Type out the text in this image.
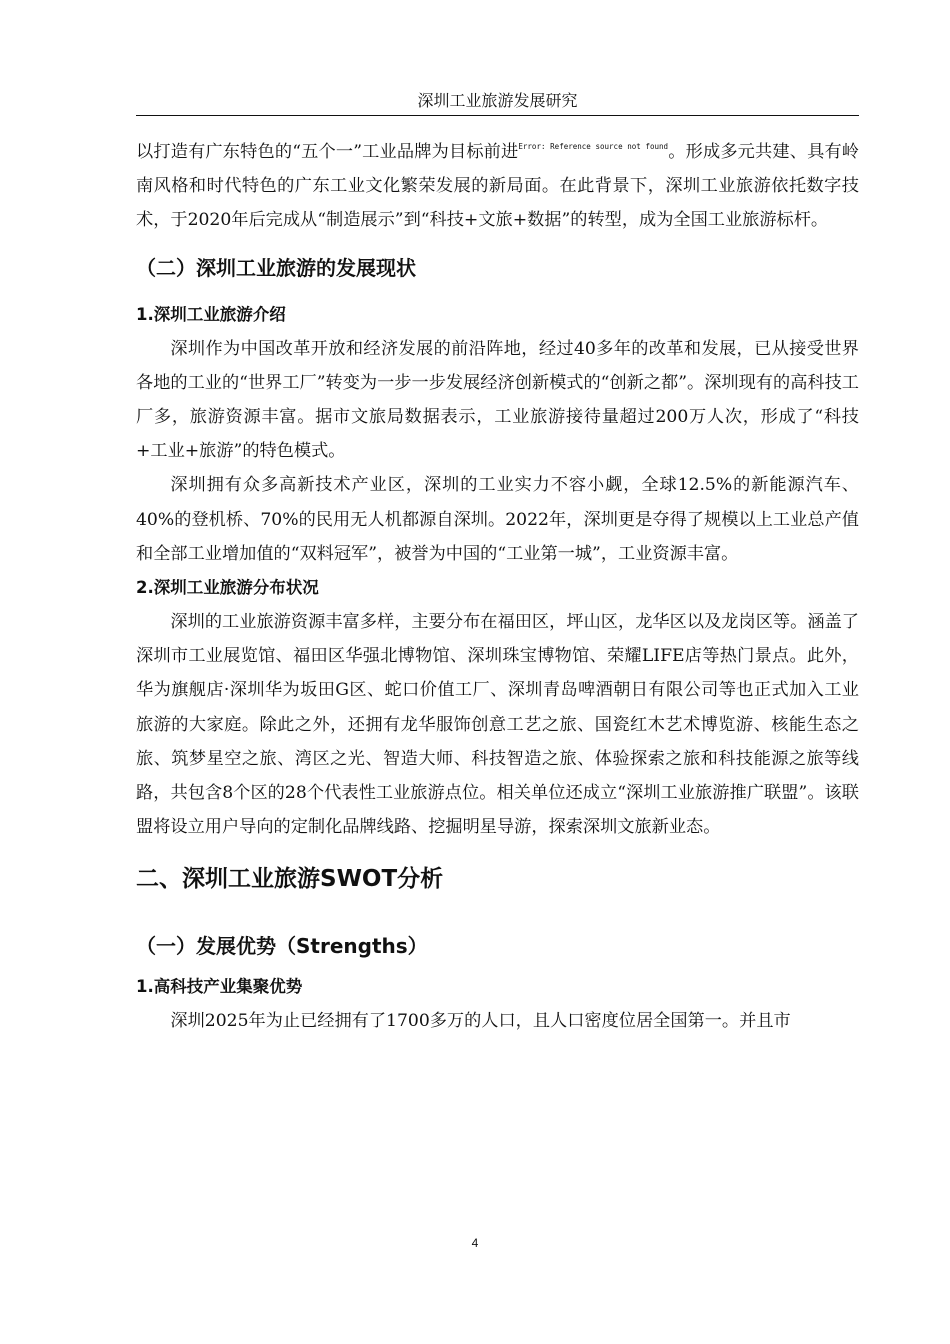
深圳工业旅游发展研究

以打造有广东特色的“五个一”工业品牌为目标前进$^{Error: Reference source not found}$。形成多元共建、具有岭南风格和时代特色的广东工业文化繁荣发展的新局面。在此背景下，深圳工业旅游依托数字技术，于2020年后完成从“制造展示”到“科技+文旅+数据”的转型，成为全国工业旅游标杆。

（二）深圳工业旅游的发展现状
1.深圳工业旅游介绍

深圳作为中国改革开放和经济发展的前沿阵地，经过40多年的改革和发展，已从接受世界各地的工业的“世界工厂”转变为一步一步发展经济创新模式的“创新之都”。深圳现有的高科技工厂多，旅游资源丰富。据市文旅局数据表示，工业旅游接待量超过200万人次，形成了“科技+工业+旅游”的特色模式。

深圳拥有众多高新技术产业区，深圳的工业实力不容小觑，全球12.5%的新能源汽车、40%的登机桥、70%的民用无人机都源自深圳。2022年，深圳更是夺得了规模以上工业总产值和全部工业增加值的“双料冠军”，被誉为中国的“工业第一城”，工业资源丰富。

2.深圳工业旅游分布状况

深圳的工业旅游资源丰富多样，主要分布在福田区，坪山区，龙华区以及龙岗区等。涵盖了深圳市工业展览馆、福田区华强北博物馆、深圳珠宝博物馆、荣耀LIFE店等热门景点。此外，华为旗舰店·深圳华为坂田G区、蛇口价值工厂、深圳青岛啤酒朝日有限公司等也正式加入工业旅游的大家庭。除此之外，还拥有龙华服饰创意工艺之旅、国瓷红木艺术博览游、核能生态之旅、筑梦星空之旅、湾区之光、智造大师、科技智造之旅、体验探索之旅和科技能源之旅等线路，共包含8个区的28个代表性工业旅游点位。相关单位还成立“深圳工业旅游推广联盟”。该联盟将设立用户导向的定制化品牌线路、挖掘明星导游，探索深圳文旅新业态。

二、深圳工业旅游SWOT分析
（一）发展优势（Strengths）
1.高科技产业集聚优势

深圳2025年为止已经拥有了1700多万的人口，且人口密度位居全国第一。并且市

4
